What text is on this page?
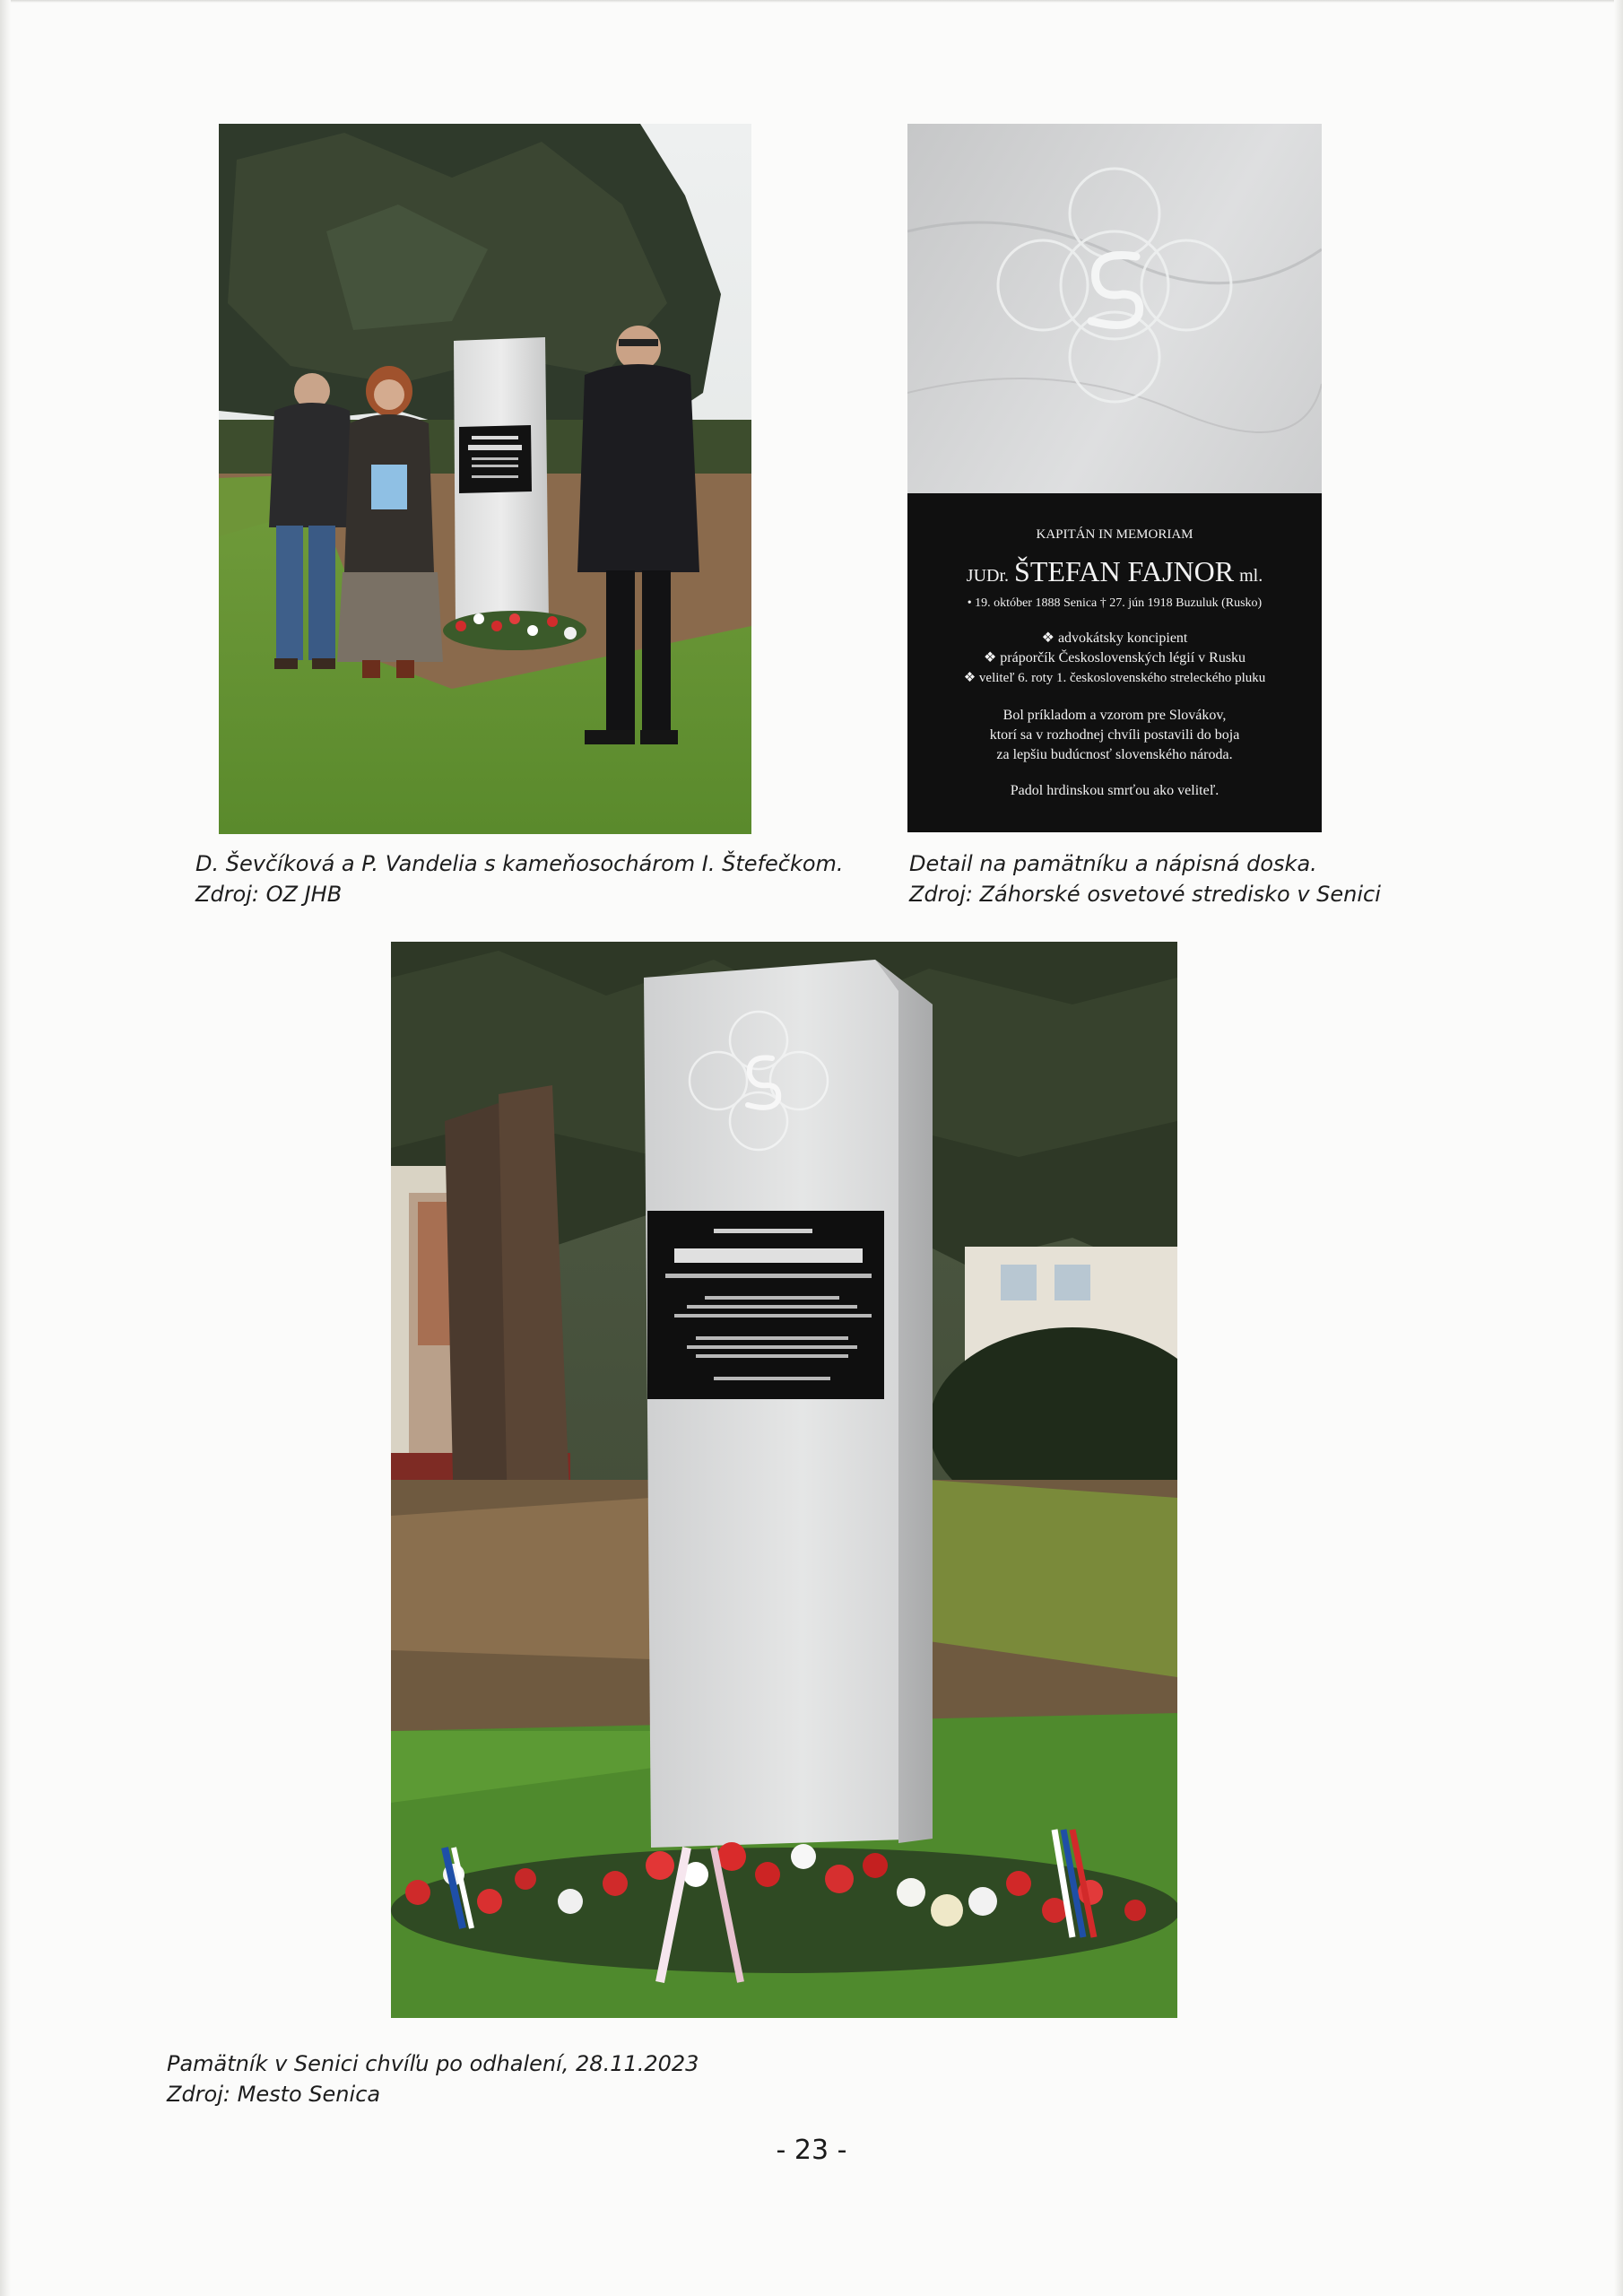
KAPITÁN IN MEMORIAM
JUDr. ŠTEFAN FAJNOR ml.
• 19. október 1888 Senica † 27. jún 1918 Buzuluk (Rusko)
❖ advokátsky koncipient
❖ práporčík Československých légií v Rusku
❖ veliteľ 6. roty 1. československého streleckého pluku
Bol príkladom a vzorom pre Slovákov,
ktorí sa v rozhodnej chvíli postavili do boja
za lepšiu budúcnosť slovenského národa.
Padol hrdinskou smrťou ako veliteľ.
D. Ševčíková a P. Vandelia s kameňosochárom I. Štefečkom.
Zdroj: OZ JHB
Detail na pamätníku a nápisná doska.
Zdroj: Záhorské osvetové stredisko v Senici
Pamätník v Senici chvíľu po odhalení, 28.11.2023
Zdroj: Mesto Senica
- 23 -
